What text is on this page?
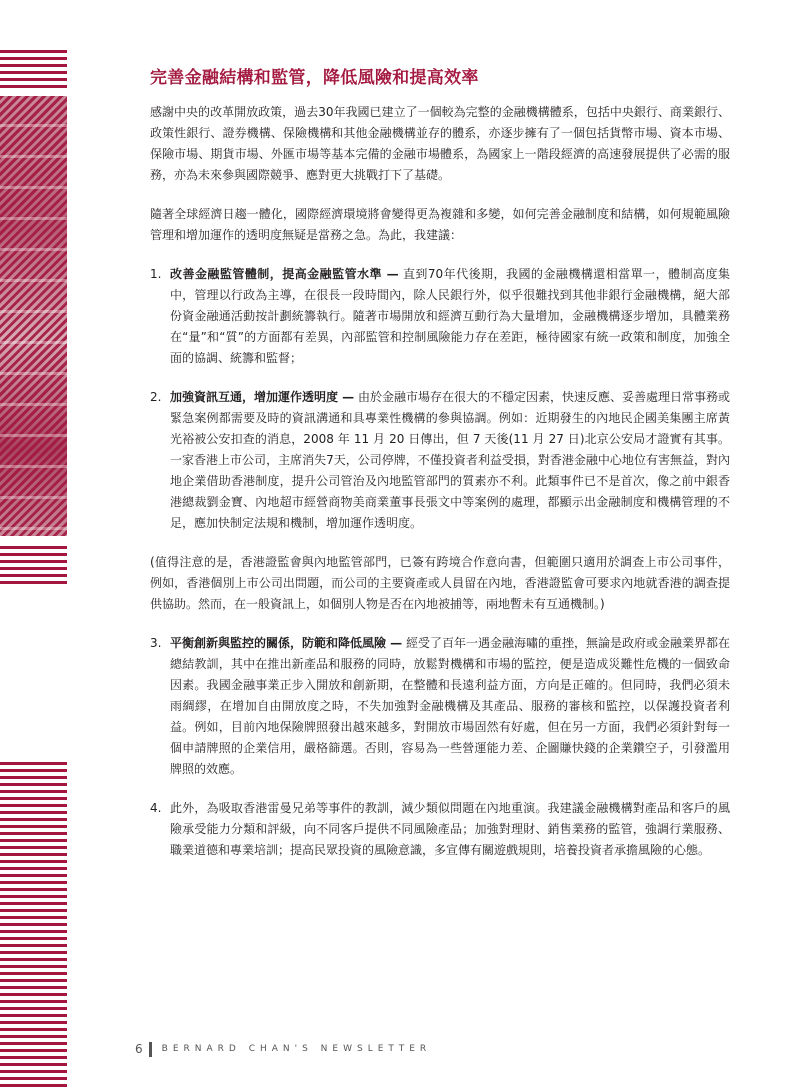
完善金融結構和監管，降低風險和提高效率

感謝中央的改革開放政策，過去30年我國已建立了一個較為完整的金融機構體系，包括中央銀行、商業銀行、政策性銀行、證券機構、保險機構和其他金融機構並存的體系，亦逐步擁有了一個包括貨幣市場、資本市場、保險市場、期貨市場、外匯市場等基本完備的金融市場體系，為國家上一階段經濟的高速發展提供了必需的服務，亦為未來參與國際競爭、應對更大挑戰打下了基礎。

隨著全球經濟日趨一體化，國際經濟環境將會變得更為複雜和多變，如何完善金融制度和結構，如何規範風險管理和增加運作的透明度無疑是當務之急。為此，我建議：

1. 改善金融監管體制，提高金融監管水準 — 直到70年代後期，我國的金融機構還相當單一，體制高度集中，管理以行政為主導，在很長一段時間內，除人民銀行外，似乎很難找到其他非銀行金融機構，絕大部份資金融通活動按計劃統籌執行。隨著市場開放和經濟互動行為大量增加，金融機構逐步增加，具體業務在“量”和“質”的方面都有差異，內部監管和控制風險能力存在差距，極待國家有統一政策和制度，加強全面的協調、統籌和監督；
2. 加強資訊互通，增加運作透明度 — 由於金融市場存在很大的不穩定因素，快速反應、妥善處理日常事務或緊急案例都需要及時的資訊溝通和具專業性機構的參與協調。例如：近期發生的內地民企國美集團主席黃光裕被公安扣查的消息，2008 年 11 月 20 日傳出，但 7 天後(11 月 27 日)北京公安局才證實有其事。一家香港上市公司，主席消失7天，公司停牌，不僅投資者利益受損，對香港金融中心地位有害無益，對內地企業借助香港制度，提升公司管治及內地監管部門的質素亦不利。此類事件已不是首次，像之前中銀香港總裁劉金寶、內地超市經營商物美商業董事長張文中等案例的處理，都顯示出金融制度和機構管理的不足，應加快制定法規和機制，增加運作透明度。

(值得注意的是，香港證監會與內地監管部門，已簽有跨境合作意向書，但範圍只適用於調查上市公司事件，例如，香港個別上市公司出問題，而公司的主要資產或人員留在內地，香港證監會可要求內地就香港的調查提供協助。然而，在一般資訊上，如個別人物是否在內地被捕等，兩地暫未有互通機制。)

3. 平衡創新與監控的關係，防範和降低風險 — 經受了百年一遇金融海嘯的重挫，無論是政府或金融業界都在總結教訓，其中在推出新產品和服務的同時，放鬆對機構和市場的監控，便是造成災難性危機的一個致命因素。我國金融事業正步入開放和創新期，在整體和長遠利益方面，方向是正確的。但同時，我們必須未雨綢繆，在增加自由開放度之時，不失加強對金融機構及其產品、服務的審核和監控，以保護投資者利益。例如，目前內地保險牌照發出越來越多，對開放市場固然有好處，但在另一方面，我們必須針對每一個申請牌照的企業信用，嚴格篩選。否則，容易為一些營運能力差、企圖賺快錢的企業鑽空子，引發濫用牌照的效應。
4. 此外，為吸取香港雷曼兄弟等事件的教訓，減少類似問題在內地重演。我建議金融機構對產品和客戶的風險承受能力分類和評級，向不同客戶提供不同風險產品；加強對理財、銷售業務的監管，強調行業服務、職業道德和專業培訓；提高民眾投資的風險意識，多宣傳有關遊戲規則，培養投資者承擔風險的心態。
6 BERNARD CHAN'S NEWSLETTER
